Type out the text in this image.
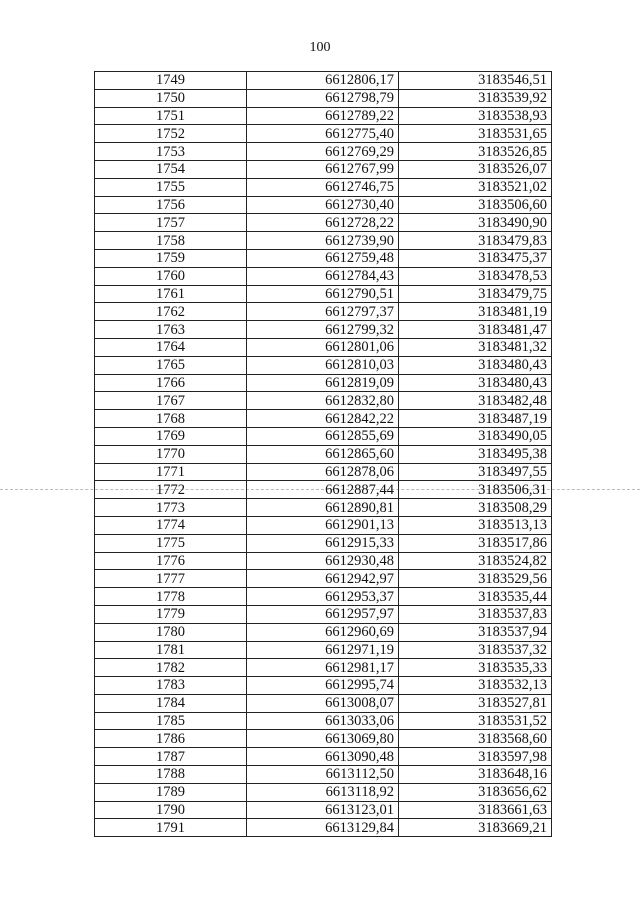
100
1749	6612806,17	3183546,51
1750	6612798,79	3183539,92
1751	6612789,22	3183538,93
1752	6612775,40	3183531,65
1753	6612769,29	3183526,85
1754	6612767,99	3183526,07
1755	6612746,75	3183521,02
1756	6612730,40	3183506,60
1757	6612728,22	3183490,90
1758	6612739,90	3183479,83
1759	6612759,48	3183475,37
1760	6612784,43	3183478,53
1761	6612790,51	3183479,75
1762	6612797,37	3183481,19
1763	6612799,32	3183481,47
1764	6612801,06	3183481,32
1765	6612810,03	3183480,43
1766	6612819,09	3183480,43
1767	6612832,80	3183482,48
1768	6612842,22	3183487,19
1769	6612855,69	3183490,05
1770	6612865,60	3183495,38
1771	6612878,06	3183497,55
1772	6612887,44	3183506,31
1773	6612890,81	3183508,29
1774	6612901,13	3183513,13
1775	6612915,33	3183517,86
1776	6612930,48	3183524,82
1777	6612942,97	3183529,56
1778	6612953,37	3183535,44
1779	6612957,97	3183537,83
1780	6612960,69	3183537,94
1781	6612971,19	3183537,32
1782	6612981,17	3183535,33
1783	6612995,74	3183532,13
1784	6613008,07	3183527,81
1785	6613033,06	3183531,52
1786	6613069,80	3183568,60
1787	6613090,48	3183597,98
1788	6613112,50	3183648,16
1789	6613118,92	3183656,62
1790	6613123,01	3183661,63
1791	6613129,84	3183669,21
